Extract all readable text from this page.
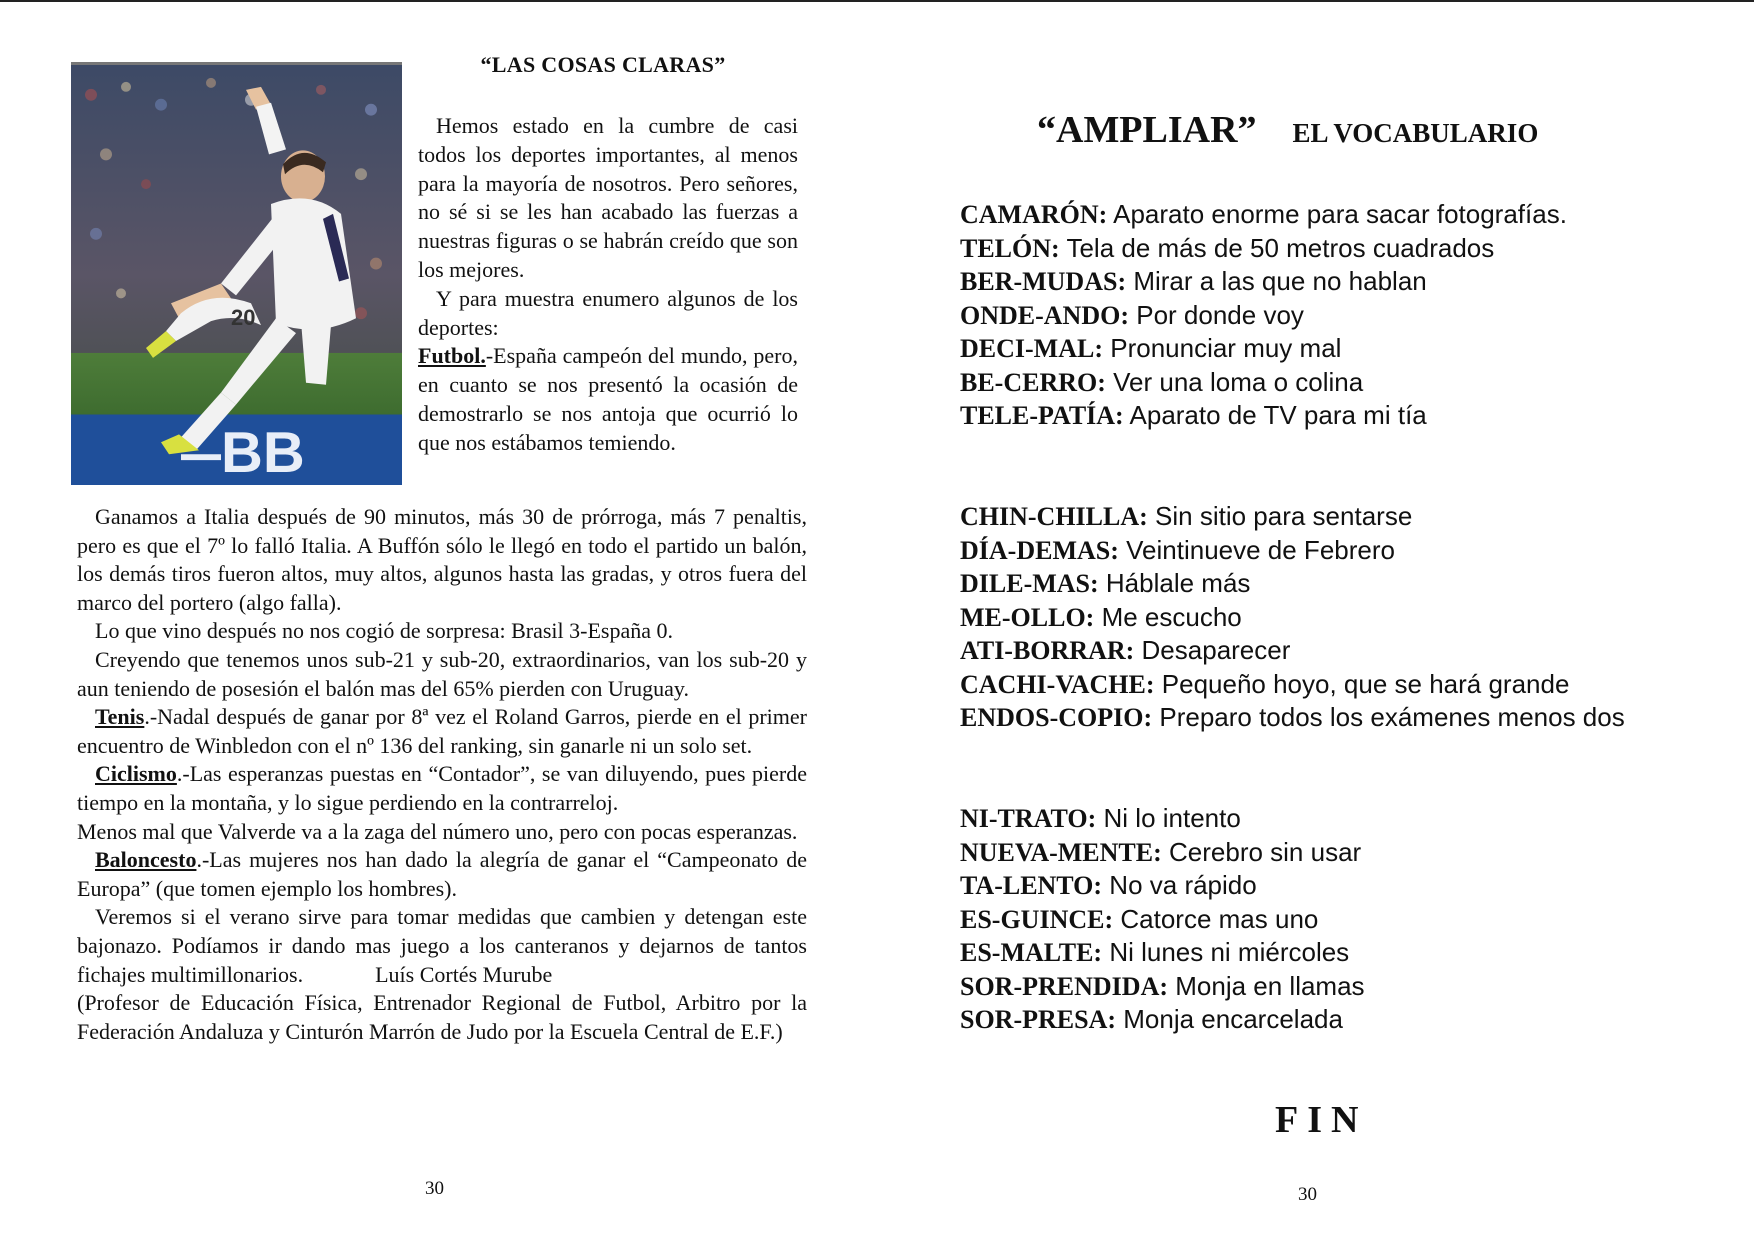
BB
20
“LAS COSAS CLARAS”

Hemos estado en la cumbre de casi todos los deportes importantes, al menos para la mayoría de nosotros. Pero señores, no sé si se les han acabado las fuerzas a nuestras figuras o se habrán creído que son los mejores.

Y para muestra enumero algunos de los deportes:

Futbol.-España campeón del mundo, pero, en cuanto se nos presentó la ocasión de demostrarlo se nos antoja que ocurrió lo que nos estábamos temiendo.

Ganamos a Italia después de 90 minutos, más 30 de prórroga, más 7 penaltis, pero es que el 7º lo falló Italia. A Buffón sólo le llegó en todo el partido un balón, los demás tiros fueron altos, muy altos, algunos hasta las gradas, y otros fuera del marco del portero (algo falla).

Lo que vino después no nos cogió de sorpresa: Brasil 3-España 0.

Creyendo que tenemos unos sub-21 y sub-20, extraordinarios, van los sub-20 y aun teniendo de posesión el balón mas del 65% pierden con Uruguay.

Tenis.-Nadal después de ganar por 8ª vez el Roland Garros, pierde en el primer encuentro de Winbledon con el nº 136 del ranking, sin ganarle ni un solo set.

Ciclismo.-Las esperanzas puestas en “Contador”, se van diluyendo, pues pierde tiempo en la montaña, y lo sigue perdiendo en la contrarreloj.

Menos mal que Valverde va a la zaga del número uno, pero con pocas esperanzas.

Baloncesto.-Las mujeres nos han dado la alegría de ganar el “Campeonato de Europa” (que tomen ejemplo los hombres).

Veremos si el verano sirve para tomar medidas que cambien y detengan este bajonazo. Podíamos ir dando mas juego a los canteranos y dejarnos de tantos fichajes multimillonarios.	Luís Cortés Murube

(Profesor de Educación Física, Entrenador Regional de Futbol, Arbitro por la Federación Andaluza y Cinturón Marrón de Judo por la Escuela Central de E.F.)

30
“AMPLIAR” EL VOCABULARIO
CAMARÓN: Aparato enorme para sacar fotografías.
TELÓN: Tela de más de 50 metros cuadrados
BER-MUDAS: Mirar a las que no hablan
ONDE-ANDO: Por donde voy
DECI-MAL: Pronunciar muy mal
BE-CERRO: Ver una loma o colina
TELE-PATÍA: Aparato de TV para mi tía
CHIN-CHILLA: Sin sitio para sentarse
DÍA-DEMAS: Veintinueve de Febrero
DILE-MAS: Háblale más
ME-OLLO: Me escucho
ATI-BORRAR: Desaparecer
CACHI-VACHE: Pequeño hoyo, que se hará grande
ENDOS-COPIO: Preparo todos los exámenes menos dos
NI-TRATO: Ni lo intento
NUEVA-MENTE: Cerebro sin usar
TA-LENTO: No va rápido
ES-GUINCE: Catorce mas uno
ES-MALTE: Ni lunes ni miércoles
SOR-PRENDIDA: Monja en llamas
SOR-PRESA: Monja encarcelada
FIN
30
